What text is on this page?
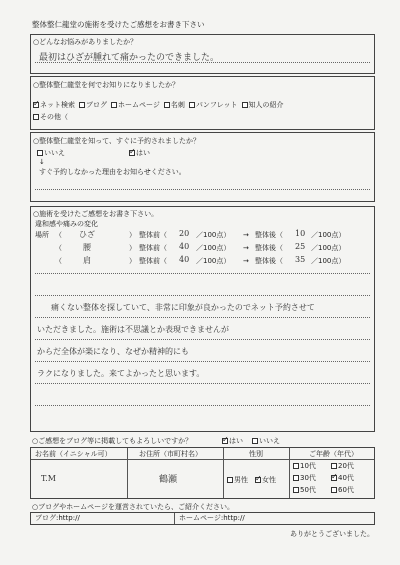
整体整仁龍堂の施術を受けたご感想をお書き下さい
○どんなお悩みがありましたか？
最初はひざが腫れて痛かったのできました。
○整体整仁龍堂を何でお知りになりましたか？
✓ネット検索 ブログ ホームページ 名刺 パンフレット 知人の紹介
その他（
○整体整仁龍堂を知って、すぐに予約されましたか？
いいえ ✓	はい
↓
すぐ予約しなかった理由をお知らせください。
○施術を受けたご感想をお書き下さい。
違和感や痛みの変化
場所 （ ひざ	） 整体前（ 20 ／100点） → 整体後（ 10 ／100点）
（	腰	） 整体前（ 40 ／100点） → 整体後（ 25 ／100点）
（	肩	） 整体前（ 40 ／100点） → 整体後（ 35 ／100点）
痛くない整体を探していて、非常に印象が良かったのでネット予約させて
いただきました。施術は不思議とか表現できませんが
からだ全体が楽になり、なぜか精神的にも
ラクになりました。来てよかったと思います。
○ご感想をブログ等に掲載してもよろしいですか？ ✓	はい	いいえ
お名前（イニシャル可）	お住所（市町村名）	性別	ご年齢（年代）
T.M	鶴瀬	男性 ✓	女性
10代	20代
30代 ✓	40代
50代	60代
○ブログやホームページを運営されていたら、ご紹介ください。
ブログ:http://	ホームページ:http://
ありがとうございました。
